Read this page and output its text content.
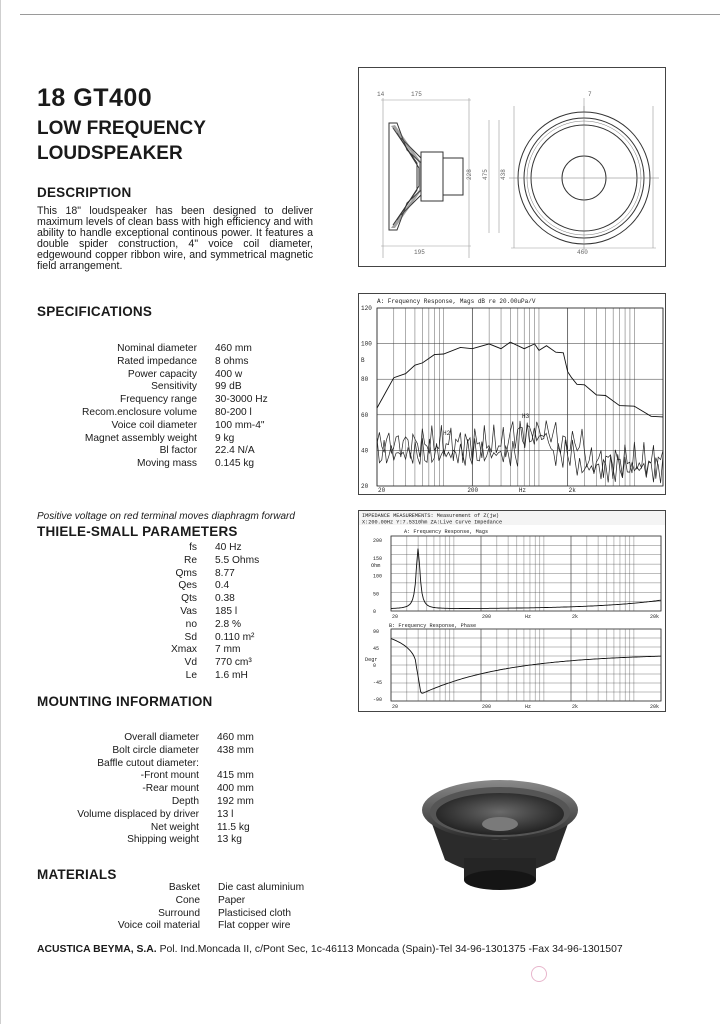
18 GT400
LOW FREQUENCY
LOUDSPEAKER
DESCRIPTION
This 18" loudspeaker has been designed to deliver maximum levels of clean bass with high efficiency and with ability to handle exceptional continous power. It features a double spider construction, 4" voice coil diameter, edgewound copper ribbon wire, and symmetrical magnetic field arrangement.
SPECIFICATIONS
Nominal diameter	460 mm
Rated impedance	8 ohms
Power capacity	400 w
Sensitivity	99 dB
Frequency range	30-3000 Hz
Recom.enclosure volume	80-200 l
Voice coil diameter	100 mm-4"
Magnet assembly weight	9 kg
Bl factor	22.4 N/A
Moving mass	0.145 kg
Positive voltage on red terminal moves diaphragm forward
THIELE-SMALL PARAMETERS
fs	40 Hz
Re	5.5 Ohms
Qms	8.77
Qes	0.4
Qts	0.38
Vas	185 l
no	2.8 %
Sd	0.110 m²
Xmax	7 mm
Vd	770 cm³
Le	1.6 mH
MOUNTING INFORMATION
Overall diameter	460 mm
Bolt circle diameter	438 mm
Baffle cutout diameter:
-Front mount	415 mm
-Rear mount	400 mm
Depth	192 mm
Volume displaced by driver	13 l
Net weight	11.5 kg
Shipping weight	13 kg
MATERIALS
Basket	Die cast aluminium
Cone	Paper
Surround	Plasticised cloth
Voice coil material	Flat copper wire
ACUSTICA BEYMA, S.A. Pol. Ind.Moncada II, c/Pont Sec, 1c-46113 Moncada (Spain)-Tel 34-96-1301375 -Fax 34-96-1301507
14	175	7
228 475 438
195	460
A: Frequency Response, Mags dB re 20.00uPa/V
120
100
80
60
40
20
20	200	Hz	2k
B
H2
H3
IMPEDANCE MEASUREMENTS: Measurement of Z(jw)
X:200.00Hz Y:7.5310hm ZA:Live Curve Impedance
A: Frequency Response, Mags
Ohm
B: Frequency Response, Phase
Degr
200
150
100
50
0
90
45
0
-45
-90
20	200	Hz	2k	20k
20	200	Hz	2k	20k
